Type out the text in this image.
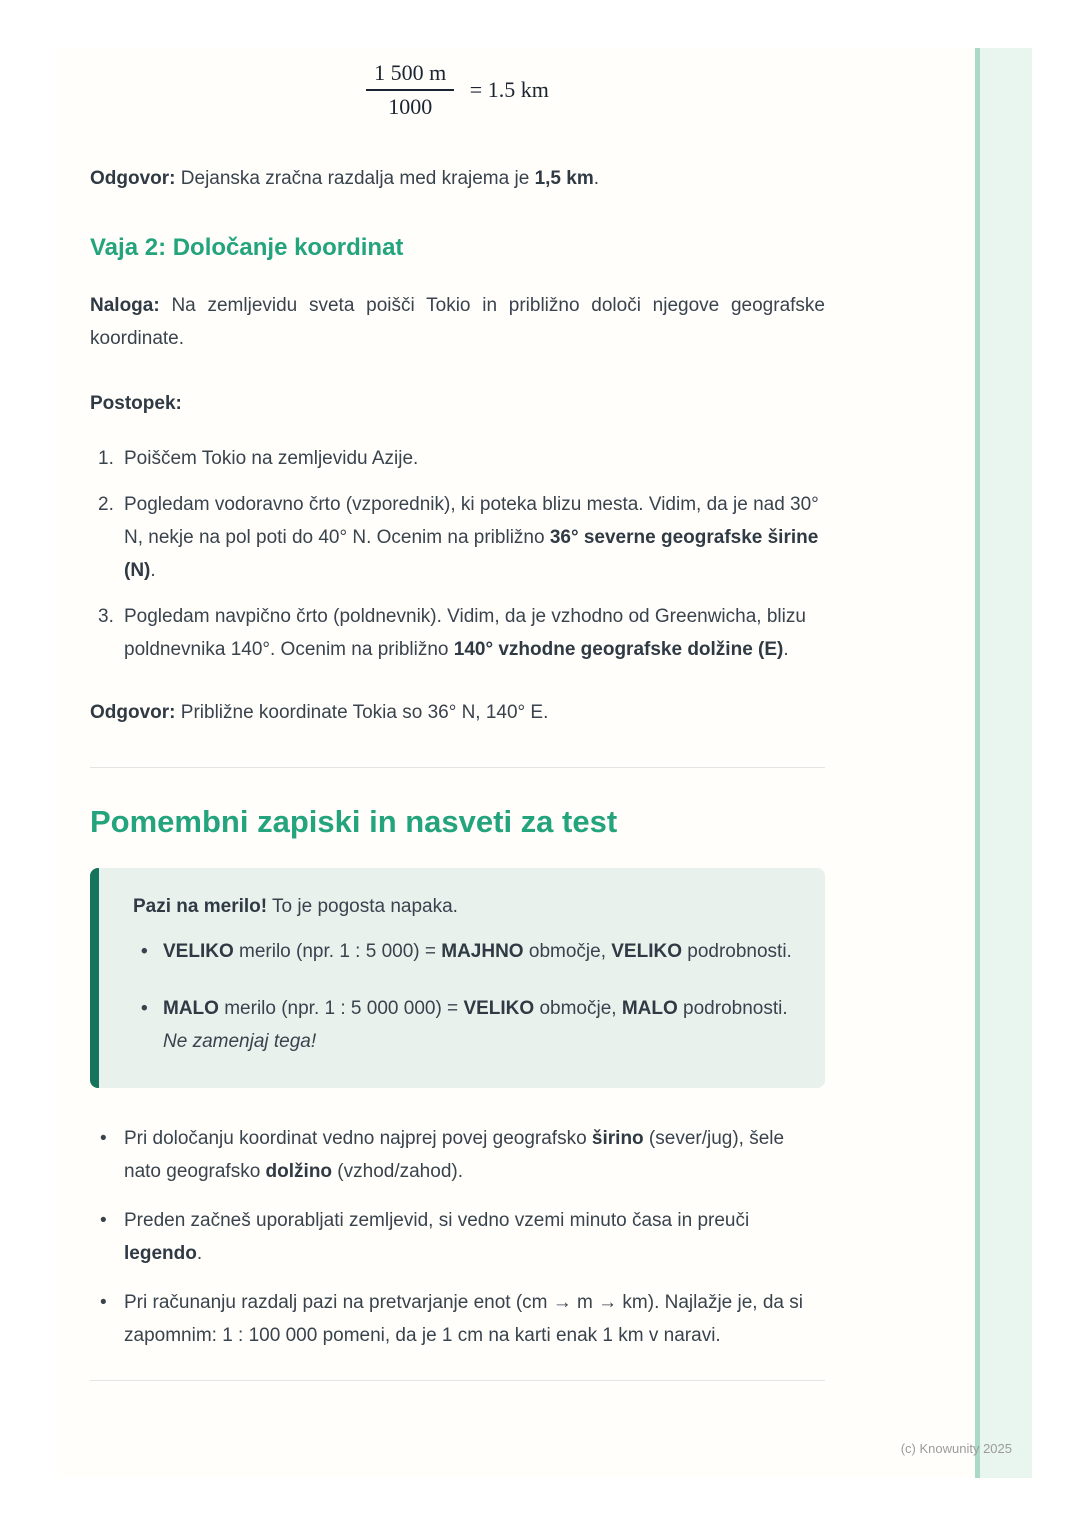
$\frac{1 500 m}{1000} = 1.5$ km

Odgovor: Dejanska zračna razdalja med krajema je 1,5 km.

Vaja 2: Določanje koordinat

Naloga: Na zemljevidu sveta poišči Tokio in približno določi njegove geografske koordinate.

Postopek:

Poiščem Tokio na zemljevidu Azije.
Pogledam vodoravno črto (vzporednik), ki poteka blizu mesta. Vidim, da je nad 30° N, nekje na pol poti do 40° N. Ocenim na približno 36° severne geografske širine (N).
Pogledam navpično črto (poldnevnik). Vidim, da je vzhodno od Greenwicha, blizu poldnevnika 140°. Ocenim na približno 140° vzhodne geografske dolžine (E).

Odgovor: Približne koordinate Tokia so 36° N, 140° E.

Pomembni zapiski in nasveti za test

Pazi na merilo! To je pogosta napaka.

• VELIKO merilo (npr. 1 : 5 000) = MAJHNO območje, VELIKO podrobnosti.
• MALO merilo (npr. 1 : 5 000 000) = VELIKO območje, MALO podrobnosti. Ne zamenjaj tega!
• Pri določanju koordinat vedno najprej povej geografsko širino (sever/jug), šele nato geografsko dolžino (vzhod/zahod).
• Preden začneš uporabljati zemljevid, si vedno vzemi minuto časa in preuči legendo.
• Pri računanju razdalj pazi na pretvarjanje enot (cm → m → km). Najlažje je, da si zapomnim: 1 : 100 000 pomeni, da je 1 cm na karti enak 1 km v naravi.
(c) Knowunity 2025
